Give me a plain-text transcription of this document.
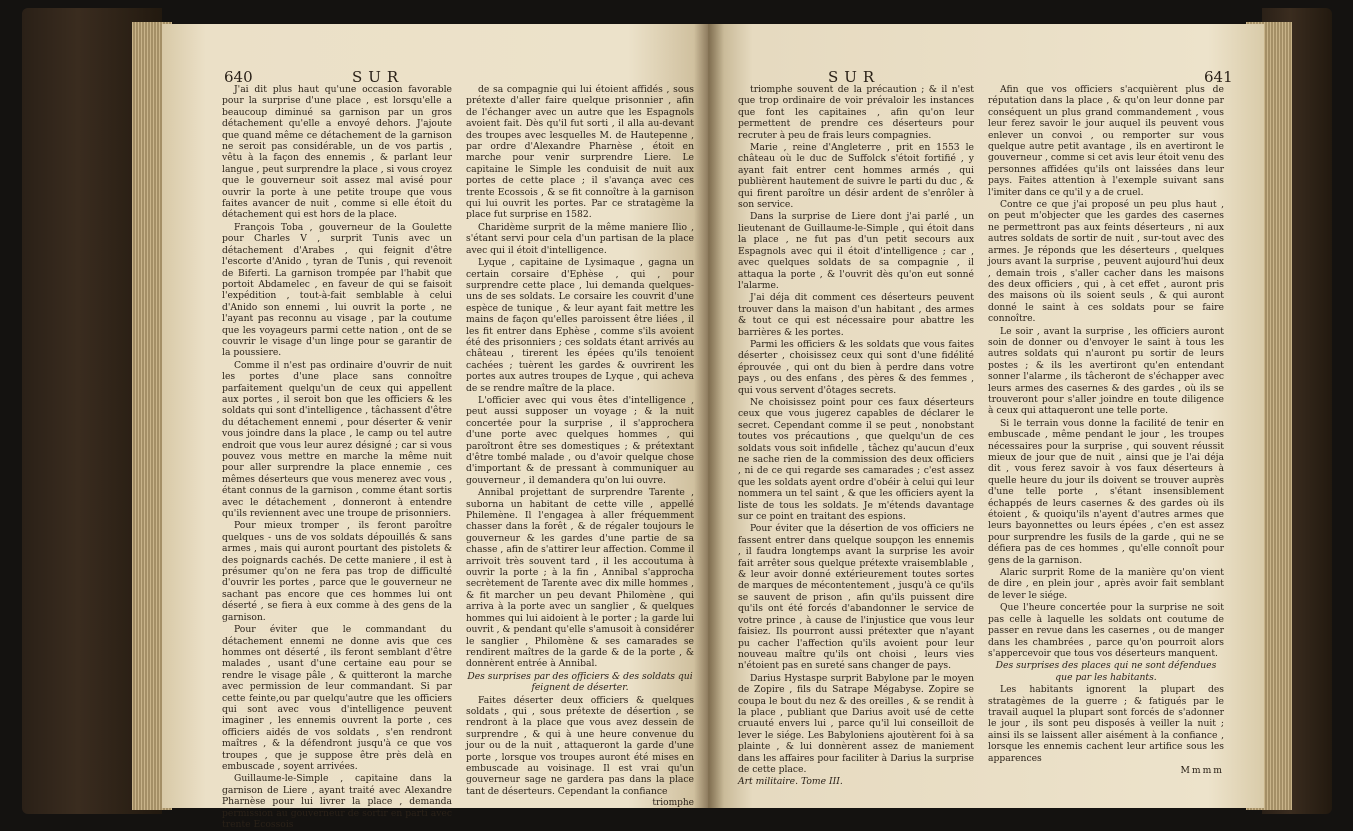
640	SUR

J'ai dit plus haut qu'une occasion favorable pour la surprise d'une place , est lorsqu'elle a beaucoup diminué sa garnison par un gros détachement qu'elle a envoyé dehors. J'ajoute que quand même ce détachement de la garnison ne seroit pas considérable, un de vos partis , vêtu à la façon des ennemis , & parlant leur langue , peut surprendre la place , si vous croyez que le gouverneur soit assez mal avisé pour ouvrir la porte à une petite troupe que vous faites avancer de nuit , comme si elle étoit du détachement qui est hors de la place.

François Toba , gouverneur de la Goulette pour Charles V , surprit Tunis avec un détachement d'Arabes , qui feignit d'être l'escorte d'Anido , tyran de Tunis , qui revenoit de Biferti. La garnison trompée par l'habit que portoit Abdamelec , en faveur de qui se faisoit l'expédition , tout-à-fait semblable à celui d'Anido son ennemi , lui ouvrit la porte , ne l'ayant pas reconnu au visage , par la coutume que les voyageurs parmi cette nation , ont de se couvrir le visage d'un linge pour se garantir de la poussiere.

Comme il n'est pas ordinaire d'ouvrir de nuit les portes d'une place sans connoître parfaitement quelqu'un de ceux qui appellent aux portes , il seroit bon que les officiers & les soldats qui sont d'intelligence , tâchassent d'être du détachement ennemi , pour déserter & venir vous joindre dans la place , le camp ou tel autre endroit que vous leur aurez désigné ; car si vous pouvez vous mettre en marche la même nuit pour aller surprendre la place ennemie , ces mêmes déserteurs que vous menerez avec vous , étant connus de la garnison , comme étant sortis avec le détachement , donneront à entendre qu'ils reviennent avec une troupe de prisonniers.

Pour mieux tromper , ils feront paroître quelques - uns de vos soldats dépouillés & sans armes , mais qui auront pourtant des pistolets & des poignards cachés. De cette maniere , il est à présumer qu'on ne fera pas trop de difficulté d'ouvrir les portes , parce que le gouverneur ne sachant pas encore que ces hommes lui ont déserté , se fiera à eux comme à des gens de la garnison.

Pour éviter que le commandant du détachement ennemi ne donne avis que ces hommes ont déserté , ils feront semblant d'être malades , usant d'une certaine eau pour se rendre le visage pâle , & quitteront la marche avec permission de leur commandant. Si par cette feinte,ou par quelqu'autre que les officiers qui sont avec vous d'intelligence peuvent imaginer , les ennemis ouvrent la porte , ces officiers aidés de vos soldats , s'en rendront maîtres , & la défendront jusqu'à ce que vos troupes , que je suppose être près delà en embuscade , soyent arrivées.

Guillaume-le-Simple , capitaine dans la garnison de Liere , ayant traité avec Alexandre Pharnèse pour lui livrer la place , demanda permission au gouverneur de sortir en parti avec trente Ecossois

de sa compagnie qui lui étoient affidés , sous prétexte d'aller faire quelque prisonnier , afin de l'échanger avec un autre que les Espagnols avoient fait. Dès qu'il fut sorti , il alla au-devant des troupes avec lesquelles M. de Hautepenne , par ordre d'Alexandre Pharnèse , étoit en marche pour venir surprendre Liere. Le capitaine le Simple les conduisit de nuit aux portes de cette place ; il s'avança avec ces trente Ecossois , & se fit connoître à la garnison qui lui ouvrit les portes. Par ce stratagème la place fut surprise en 1582.

Charidème surprit de la même maniere Ilio , s'étant servi pour cela d'un partisan de la place avec qui il étoit d'intelligence.

Lyque , capitaine de Lysimaque , gagna un certain corsaire d'Ephèse , qui , pour surprendre cette place , lui demanda quelques-uns de ses soldats. Le corsaire les couvrit d'une espèce de tunique , & leur ayant fait mettre les mains de façon qu'elles paroissent être liées , il les fit entrer dans Ephèse , comme s'ils avoient été des prisonniers ; ces soldats étant arrivés au château , tirerent les épées qu'ils tenoient cachées ; tuèrent les gardes & ouvrirent les portes aux autres troupes de Lyque , qui acheva de se rendre maître de la place.

L'officier avec qui vous êtes d'intelligence , peut aussi supposer un voyage ; & la nuit concertée pour la surprise , il s'approchera d'une porte avec quelques hommes , qui paroîtront être ses domestiques ; & prétextant d'être tombé malade , ou d'avoir quelque chose d'important & de pressant à communiquer au gouverneur , il demandera qu'on lui ouvre.

Annibal projettant de surprendre Tarente , suborna un habitant de cette ville , appellé Philemène. Il l'engagea à aller fréquemment chasser dans la forêt , & de régaler toujours le gouverneur & les gardes d'une partie de sa chasse , afin de s'attirer leur affection. Comme il arrivoit très souvent tard , il les accoutuma à ouvrir la porte ; à la fin , Annibal s'approcha secrètement de Tarente avec dix mille hommes , & fit marcher un peu devant Philomène , qui arriva à la porte avec un sanglier , & quelques hommes qui lui aidoient à le porter ; la garde lui ouvrit , & pendant qu'elle s'amusoit à considérer le sanglier , Philomène & ses camarades se rendirent maîtres de la garde & de la porte , & donnèrent entrée à Annibal.

Des surprises par des officiers & des soldats qui feignent de déserter.

Faites déserter deux officiers & quelques soldats , qui , sous prétexte de désertion , se rendront à la place que vous avez dessein de surprendre , & qui à une heure convenue du jour ou de la nuit , attaqueront la garde d'une porte , lorsque vos troupes auront été mises en embuscade au voisinage. Il est vrai qu'un gouverneur sage ne gardera pas dans la place tant de déserteurs. Cependant la confiance

triomphe

SUR	641

triomphe souvent de la précaution ; & il n'est que trop ordinaire de voir prévaloir les instances que font les capitaines , afin qu'on leur permettent de prendre ces déserteurs pour recruter à peu de frais leurs compagnies.

Marie , reine d'Angleterre , prit en 1553 le château où le duc de Suffolck s'étoit fortifié , y ayant fait entrer cent hommes armés , qui publièrent hautement de suivre le parti du duc , & qui firent paroître un désir ardent de s'enrôler à son service.

Dans la surprise de Liere dont j'ai parlé , un lieutenant de Guillaume-le-Simple , qui étoit dans la place , ne fut pas d'un petit secours aux Espagnols avec qui il étoit d'intelligence ; car , avec quelques soldats de sa compagnie , il attaqua la porte , & l'ouvrit dès qu'on eut sonné l'alarme.

J'ai déja dit comment ces déserteurs peuvent trouver dans la maison d'un habitant , des armes & tout ce qui est nécessaire pour abattre les barrières & les portes.

Parmi les officiers & les soldats que vous faites déserter , choisissez ceux qui sont d'une fidélité éprouvée , qui ont du bien à perdre dans votre pays , ou des enfans , des pères & des femmes , qui vous servent d'ôtages secrets.

Ne choisissez point pour ces faux déserteurs ceux que vous jugerez capables de déclarer le secret. Cependant comme il se peut , nonobstant toutes vos précautions , que quelqu'un de ces soldats vous soit infidelle , tâchez qu'aucun d'eux ne sache rien de la commission des deux officiers , ni de ce qui regarde ses camarades ; c'est assez que les soldats ayent ordre d'obéir à celui qui leur nommera un tel saint , & que les officiers ayent la liste de tous les soldats. Je m'étends davantage sur ce point en traitant des espions.

Pour éviter que la désertion de vos officiers ne fassent entrer dans quelque soupçon les ennemis , il faudra longtemps avant la surprise les avoir fait arrêter sous quelque prétexte vraisemblable , & leur avoir donné extérieurement toutes sortes de marques de mécontentement , jusqu'à ce qu'ils se sauvent de prison , afin qu'ils puissent dire qu'ils ont été forcés d'abandonner le service de votre prince , à cause de l'injustice que vous leur faisiez. Ils pourront aussi prétexter que n'ayant pu cacher l'affection qu'ils avoient pour leur nouveau maître qu'ils ont choisi , leurs vies n'étoient pas en sureté sans changer de pays.

Darius Hystaspe surprit Babylone par le moyen de Zopire , fils du Satrape Mégabyse. Zopire se coupa le bout du nez & des oreilles , & se rendit à la place , publiant que Darius avoit usé de cette cruauté envers lui , parce qu'il lui conseilloit de lever le siége. Les Babyloniens ajoutèrent foi à sa plainte , & lui donnèrent assez de maniement dans les affaires pour faciliter à Darius la surprise de cette place.

Art militaire. Tome III.

Afin que vos officiers s'acquièrent plus de réputation dans la place , & qu'on leur donne par conséquent un plus grand commandement , vous leur ferez savoir le jour auquel ils peuvent vous enlever un convoi , ou remporter sur vous quelque autre petit avantage , ils en avertiront le gouverneur , comme si cet avis leur étoit venu des personnes affidées qu'ils ont laissées dans leur pays. Faites attention à l'exemple suivant sans l'imiter dans ce qu'il y a de cruel.

Contre ce que j'ai proposé un peu plus haut , on peut m'objecter que les gardes des casernes ne permettront pas aux feints déserteurs , ni aux autres soldats de sortir de nuit , sur-tout avec des armes. Je réponds que les déserteurs , quelques jours avant la surprise , peuvent aujourd'hui deux , demain trois , s'aller cacher dans les maisons des deux officiers , qui , à cet effet , auront pris des maisons où ils soient seuls , & qui auront donné le saint à ces soldats pour se faire connoître.

Le soir , avant la surprise , les officiers auront soin de donner ou d'envoyer le saint à tous les autres soldats qui n'auront pu sortir de leurs postes ; & ils les avertiront qu'en entendant sonner l'alarme , ils tâcheront de s'échapper avec leurs armes des casernes & des gardes , où ils se trouveront pour s'aller joindre en toute diligence à ceux qui attaqueront une telle porte.

Si le terrain vous donne la facilité de tenir en embuscade , même pendant le jour , les troupes nécessaires pour la surprise , qui souvent réussit mieux de jour que de nuit , ainsi que je l'ai déja dit , vous ferez savoir à vos faux déserteurs à quelle heure du jour ils doivent se trouver auprès d'une telle porte , s'étant insensiblement échappés de leurs casernes & des gardes où ils étoient , & quoiqu'ils n'ayent d'autres armes que leurs bayonnettes ou leurs épées , c'en est assez pour surprendre les fusils de la garde , qui ne se défiera pas de ces hommes , qu'elle connoît pour gens de la garnison.

Alaric surprit Rome de la manière qu'on vient de dire , en plein jour , après avoir fait semblant de lever le siége.

Que l'heure concertée pour la surprise ne soit pas celle à laquelle les soldats ont coutume de passer en revue dans les casernes , ou de manger dans les chambrées , parce qu'on pourroit alors s'appercevoir que tous vos déserteurs manquent.

Des surprises des places qui ne sont défendues que par les habitants.

Les habitants ignorent la plupart des stratagèmes de la guerre ; & fatigués par le travail auquel la plupart sont forcés de s'adonner le jour , ils sont peu disposés à veiller la nuit ; ainsi ils se laissent aller aisément à la confiance , lorsque les ennemis cachent leur artifice sous les apparences

Mmmm
